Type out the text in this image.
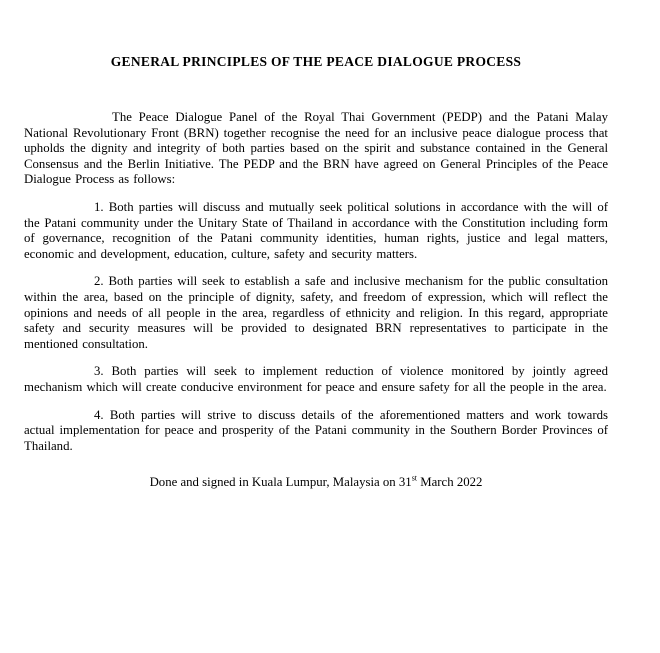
GENERAL PRINCIPLES OF THE PEACE DIALOGUE PROCESS

The Peace Dialogue Panel of the Royal Thai Government (PEDP) and the Patani Malay National Revolutionary Front (BRN) together recognise the need for an inclusive peace dialogue process that upholds the dignity and integrity of both parties based on the spirit and substance contained in the General Consensus and the Berlin Initiative. The PEDP and the BRN have agreed on General Principles of the Peace Dialogue Process as follows:

1. Both parties will discuss and mutually seek political solutions in accordance with the will of the Patani community under the Unitary State of Thailand in accordance with the Constitution including form of governance, recognition of the Patani community identities, human rights, justice and legal matters, economic and development, education, culture, safety and security matters.

2. Both parties will seek to establish a safe and inclusive mechanism for the public consultation within the area, based on the principle of dignity, safety, and freedom of expression, which will reflect the opinions and needs of all people in the area, regardless of ethnicity and religion. In this regard, appropriate safety and security measures will be provided to designated BRN representatives to participate in the mentioned consultation.

3. Both parties will seek to implement reduction of violence monitored by jointly agreed mechanism which will create conducive environment for peace and ensure safety for all the people in the area.

4. Both parties will strive to discuss details of the aforementioned matters and work towards actual implementation for peace and prosperity of the Patani community in the Southern Border Provinces of Thailand.

Done and signed in Kuala Lumpur, Malaysia on 31st March 2022
